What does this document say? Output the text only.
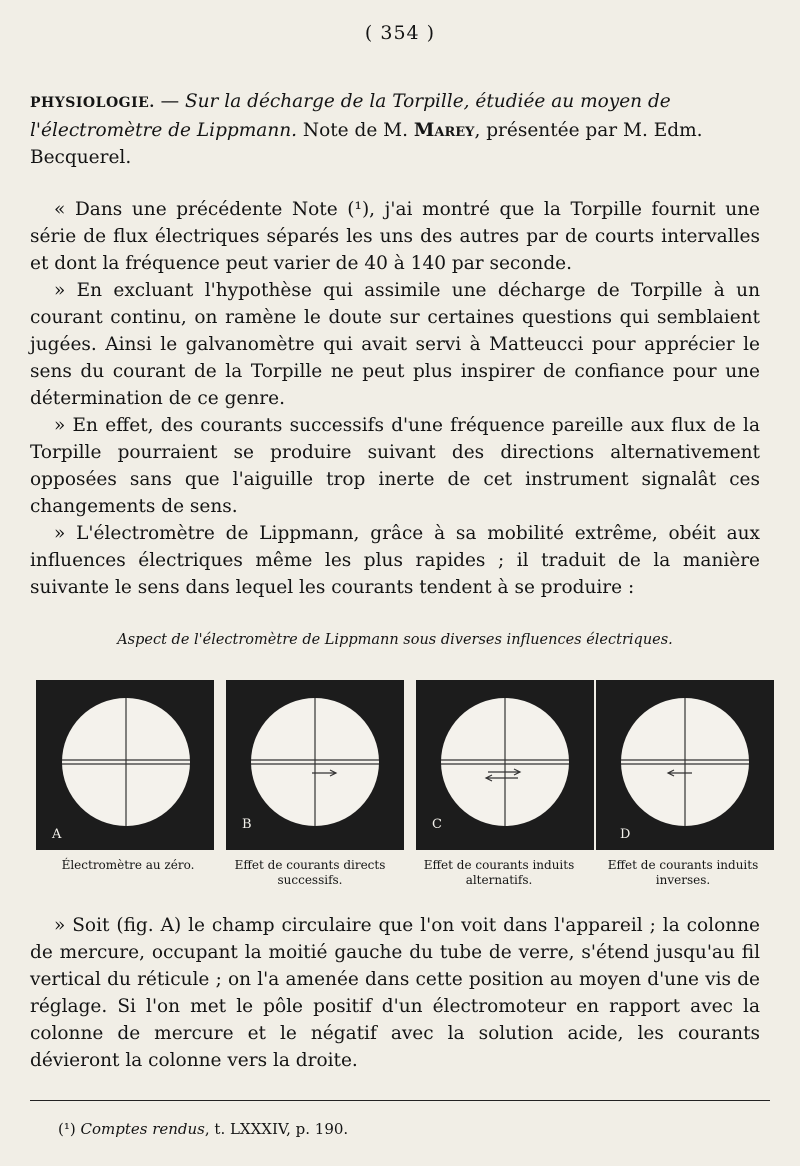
( 354 )
PHYSIOLOGIE. — Sur la décharge de la Torpille, étudiée au moyen de l'électromètre de Lippmann. Note de M. Marey, présentée par M. Edm. Becquerel.

« Dans une précédente Note (¹), j'ai montré que la Torpille fournit une série de flux électriques séparés les uns des autres par de courts intervalles et dont la fréquence peut varier de 40 à 140 par seconde.

» En excluant l'hypothèse qui assimile une décharge de Torpille à un courant continu, on ramène le doute sur certaines questions qui semblaient jugées. Ainsi le galvanomètre qui avait servi à Matteucci pour apprécier le sens du courant de la Torpille ne peut plus inspirer de confiance pour une détermination de ce genre.

» En effet, des courants successifs d'une fréquence pareille aux flux de la Torpille pourraient se produire suivant des directions alternativement opposées sans que l'aiguille trop inerte de cet instrument signalât ces changements de sens.

» L'électromètre de Lippmann, grâce à sa mobilité extrême, obéit aux influences électriques même les plus rapides ; il traduit de la manière suivante le sens dans lequel les courants tendent à se produire :

Aspect de l'électromètre de Lippmann sous diverses influences électriques.
A
B	C
D
Électromètre au zéro.	Effet de courants directs successifs.
Effet de courants induits alternatifs.
Effet de courants induits inverses.

» Soit (fig. A) le champ circulaire que l'on voit dans l'appareil ; la colonne de mercure, occupant la moitié gauche du tube de verre, s'étend jusqu'au fil vertical du réticule ; on l'a amenée dans cette position au moyen d'une vis de réglage. Si l'on met le pôle positif d'un électromoteur en rapport avec la colonne de mercure et le négatif avec la solution acide, les courants dévieront la colonne vers la droite.

(¹) Comptes rendus, t. LXXXIV, p. 190.
